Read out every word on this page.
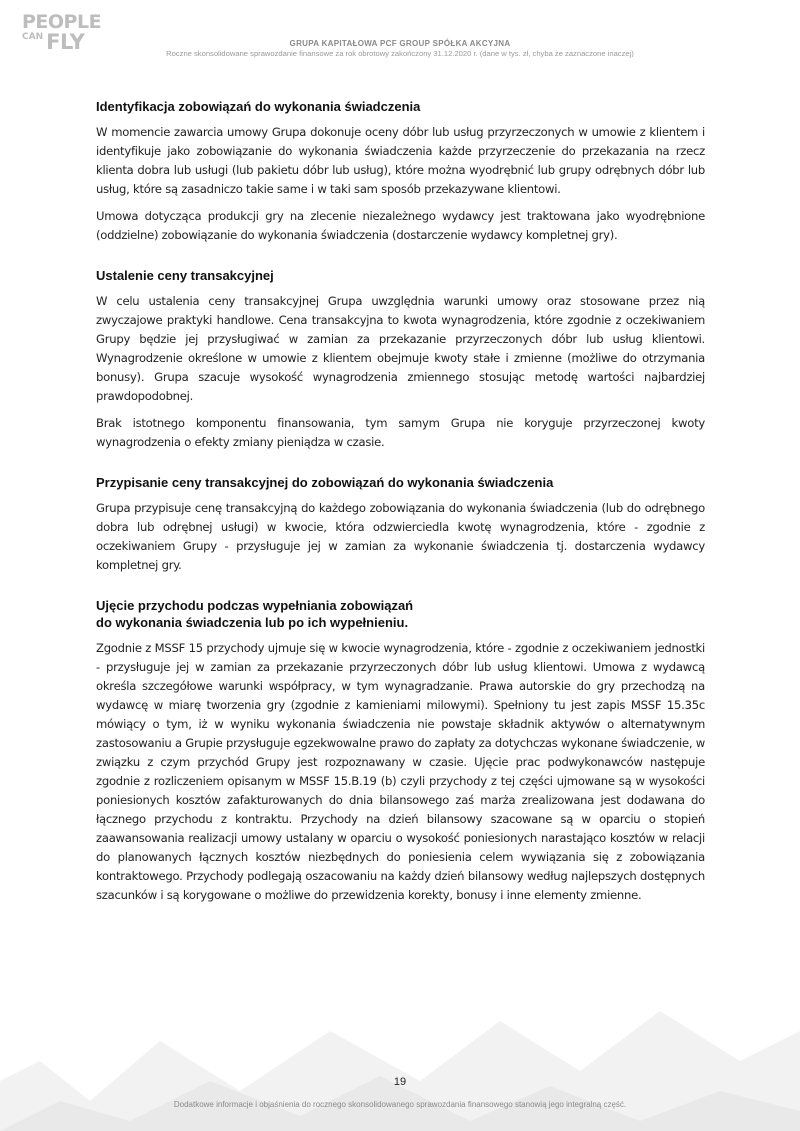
PEOPLE
CAN FLY	GRUPA KAPITAŁOWA PCF GROUP SPÓŁKA AKCYJNA
Roczne skonsolidowane sprawozdanie finansowe za rok obrotowy zakończony 31.12.2020 r. (dane w tys. zł, chyba że zaznaczone inaczej)
Identyfikacja zobowiązań do wykonania świadczenia

W momencie zawarcia umowy Grupa dokonuje oceny dóbr lub usług przyrzeczonych w umowie z klientem i identyfikuje jako zobowiązanie do wykonania świadczenia każde przyrzeczenie do przekazania na rzecz klienta dobra lub usługi (lub pakietu dóbr lub usług), które można wyodrębnić lub grupy odrębnych dóbr lub usług, które są zasadniczo takie same i w taki sam sposób przekazywane klientowi.

Umowa dotycząca produkcji gry na zlecenie niezależnego wydawcy jest traktowana jako wyodrębnione (oddzielne) zobowiązanie do wykonania świadczenia (dostarczenie wydawcy kompletnej gry).

Ustalenie ceny transakcyjnej

W celu ustalenia ceny transakcyjnej Grupa uwzględnia warunki umowy oraz stosowane przez nią zwyczajowe praktyki handlowe. Cena transakcyjna to kwota wynagrodzenia, które zgodnie z oczekiwaniem Grupy będzie jej przysługiwać w zamian za przekazanie przyrzeczonych dóbr lub usług klientowi. Wynagrodzenie określone w umowie z klientem obejmuje kwoty stałe i zmienne (możliwe do otrzymania bonusy). Grupa szacuje wysokość wynagrodzenia zmiennego stosując metodę wartości najbardziej prawdopodobnej.

Brak istotnego komponentu finansowania, tym samym Grupa nie koryguje przyrzeczonej kwoty wynagrodzenia o efekty zmiany pieniądza w czasie.

Przypisanie ceny transakcyjnej do zobowiązań do wykonania świadczenia

Grupa przypisuje cenę transakcyjną do każdego zobowiązania do wykonania świadczenia (lub do odrębnego dobra lub odrębnej usługi) w kwocie, która odzwierciedla kwotę wynagrodzenia, które - zgodnie z oczekiwaniem Grupy - przysługuje jej w zamian za wykonanie świadczenia tj. dostarczenia wydawcy kompletnej gry.

Ujęcie przychodu podczas wypełniania zobowiązań
do wykonania świadczenia lub po ich wypełnieniu.

Zgodnie z MSSF 15 przychody ujmuje się w kwocie wynagrodzenia, które - zgodnie z oczekiwaniem jednostki - przysługuje jej w zamian za przekazanie przyrzeczonych dóbr lub usług klientowi. Umowa z wydawcą określa szczegółowe warunki współpracy, w tym wynagradzanie. Prawa autorskie do gry przechodzą na wydawcę w miarę tworzenia gry (zgodnie z kamieniami milowymi). Spełniony tu jest zapis MSSF 15.35c mówiący o tym, iż w wyniku wykonania świadczenia nie powstaje składnik aktywów o alternatywnym zastosowaniu a Grupie przysługuje egzekwowalne prawo do zapłaty za dotychczas wykonane świadczenie, w związku z czym przychód Grupy jest rozpoznawany w czasie. Ujęcie prac podwykonawców następuje zgodnie z rozliczeniem opisanym w MSSF 15.B.19 (b) czyli przychody z tej części ujmowane są w wysokości poniesionych kosztów zafakturowanych do dnia bilansowego zaś marża zrealizowana jest dodawana do łącznego przychodu z kontraktu. Przychody na dzień bilansowy szacowane są w oparciu o stopień zaawansowania realizacji umowy ustalany w oparciu o wysokość poniesionych narastająco kosztów w relacji do planowanych łącznych kosztów niezbędnych do poniesienia celem wywiązania się z zobowiązania kontraktowego. Przychody podlegają oszacowaniu na każdy dzień bilansowy według najlepszych dostępnych szacunków i są korygowane o możliwe do przewidzenia korekty, bonusy i inne elementy zmienne.

19
Dodatkowe informacje i objaśnienia do rocznego skonsolidowanego sprawozdania finansowego stanowią jego integralną część.
